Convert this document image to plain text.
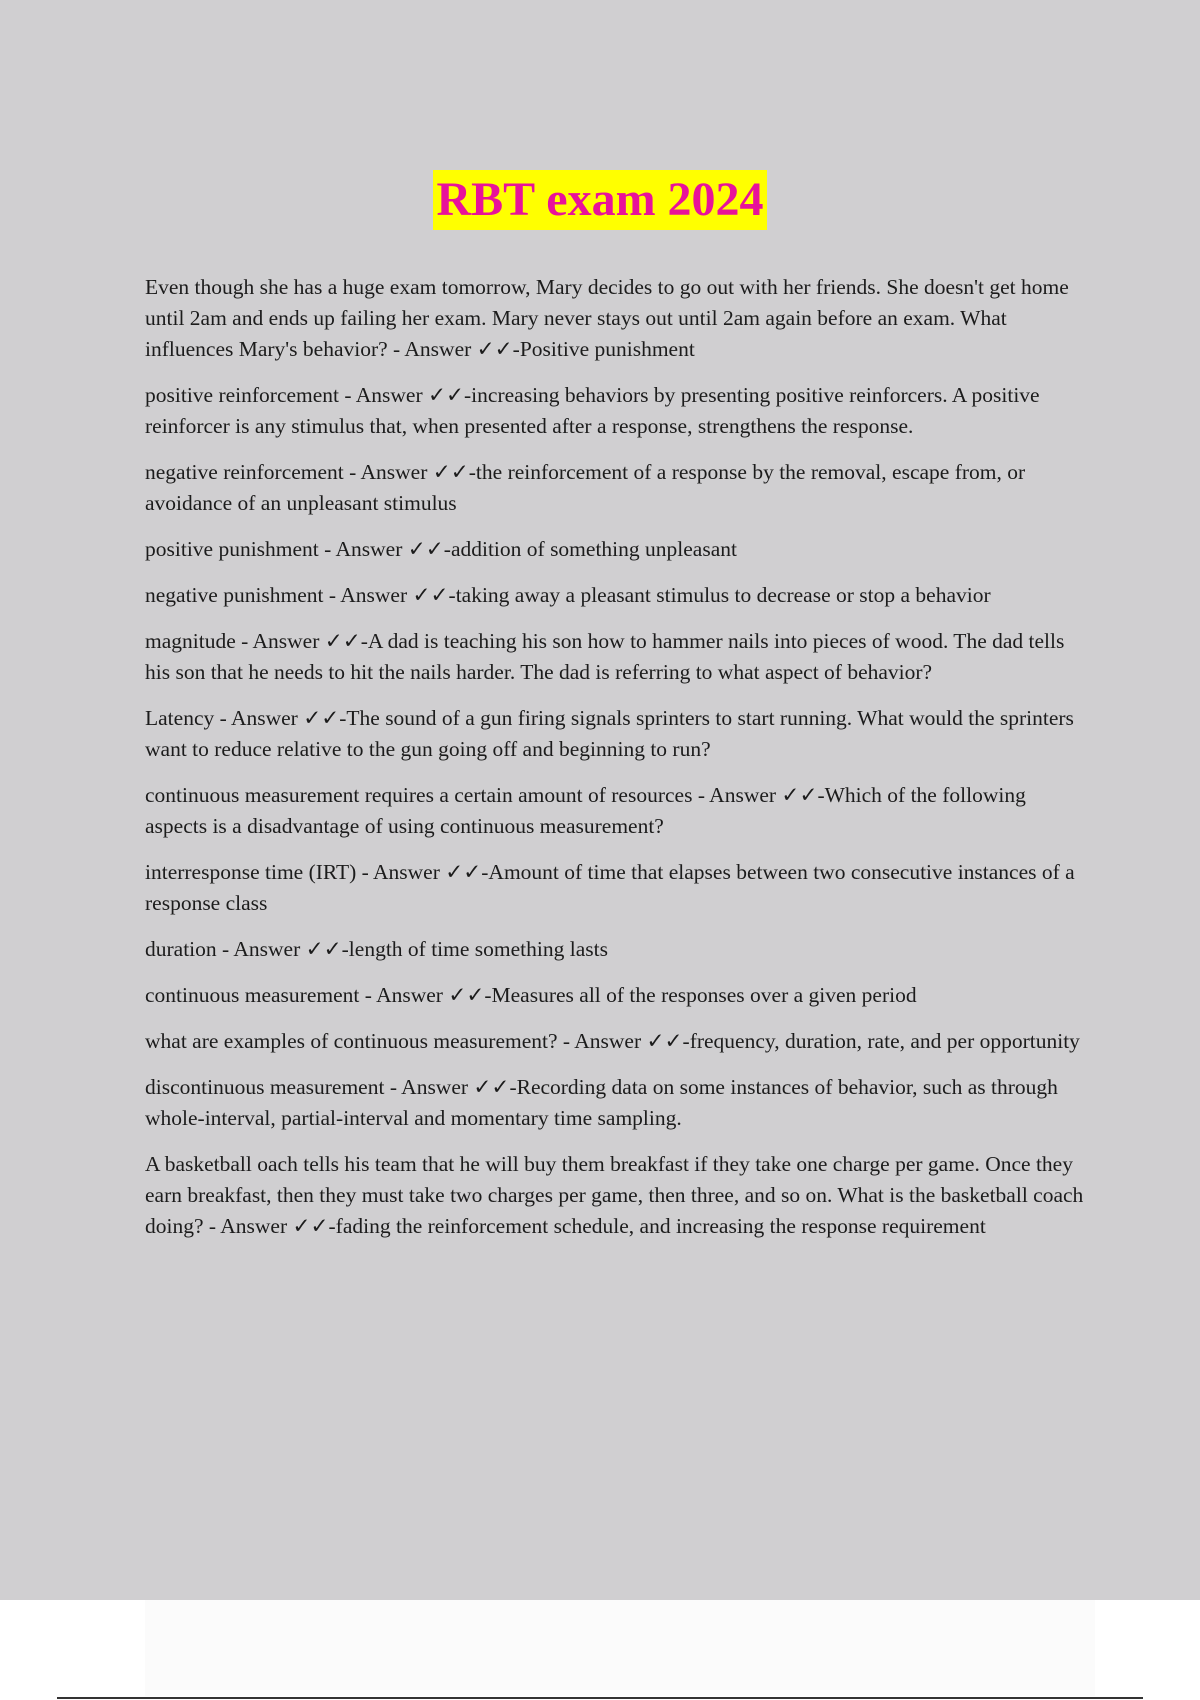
RBT exam 2024

Even though she has a huge exam tomorrow, Mary decides to go out with her friends. She doesn't get home until 2am and ends up failing her exam. Mary never stays out until 2am again before an exam. What influences Mary's behavior? - Answer ✓✓-Positive punishment

positive reinforcement - Answer ✓✓-increasing behaviors by presenting positive reinforcers. A positive reinforcer is any stimulus that, when presented after a response, strengthens the response.

negative reinforcement - Answer ✓✓-the reinforcement of a response by the removal, escape from, or avoidance of an unpleasant stimulus

positive punishment - Answer ✓✓-addition of something unpleasant

negative punishment - Answer ✓✓-taking away a pleasant stimulus to decrease or stop a behavior

magnitude - Answer ✓✓-A dad is teaching his son how to hammer nails into pieces of wood. The dad tells his son that he needs to hit the nails harder. The dad is referring to what aspect of behavior?

Latency - Answer ✓✓-The sound of a gun firing signals sprinters to start running. What would the sprinters want to reduce relative to the gun going off and beginning to run?

continuous measurement requires a certain amount of resources - Answer ✓✓-Which of the following aspects is a disadvantage of using continuous measurement?

interresponse time (IRT) - Answer ✓✓-Amount of time that elapses between two consecutive instances of a response class

duration - Answer ✓✓-length of time something lasts

continuous measurement - Answer ✓✓-Measures all of the responses over a given period

what are examples of continuous measurement? - Answer ✓✓-frequency, duration, rate, and per opportunity

discontinuous measurement - Answer ✓✓-Recording data on some instances of behavior, such as through whole-interval, partial-interval and momentary time sampling.

A basketball oach tells his team that he will buy them breakfast if they take one charge per game. Once they earn breakfast, then they must take two charges per game, then three, and so on. What is the basketball coach doing? - Answer ✓✓-fading the reinforcement schedule, and increasing the response requirement
